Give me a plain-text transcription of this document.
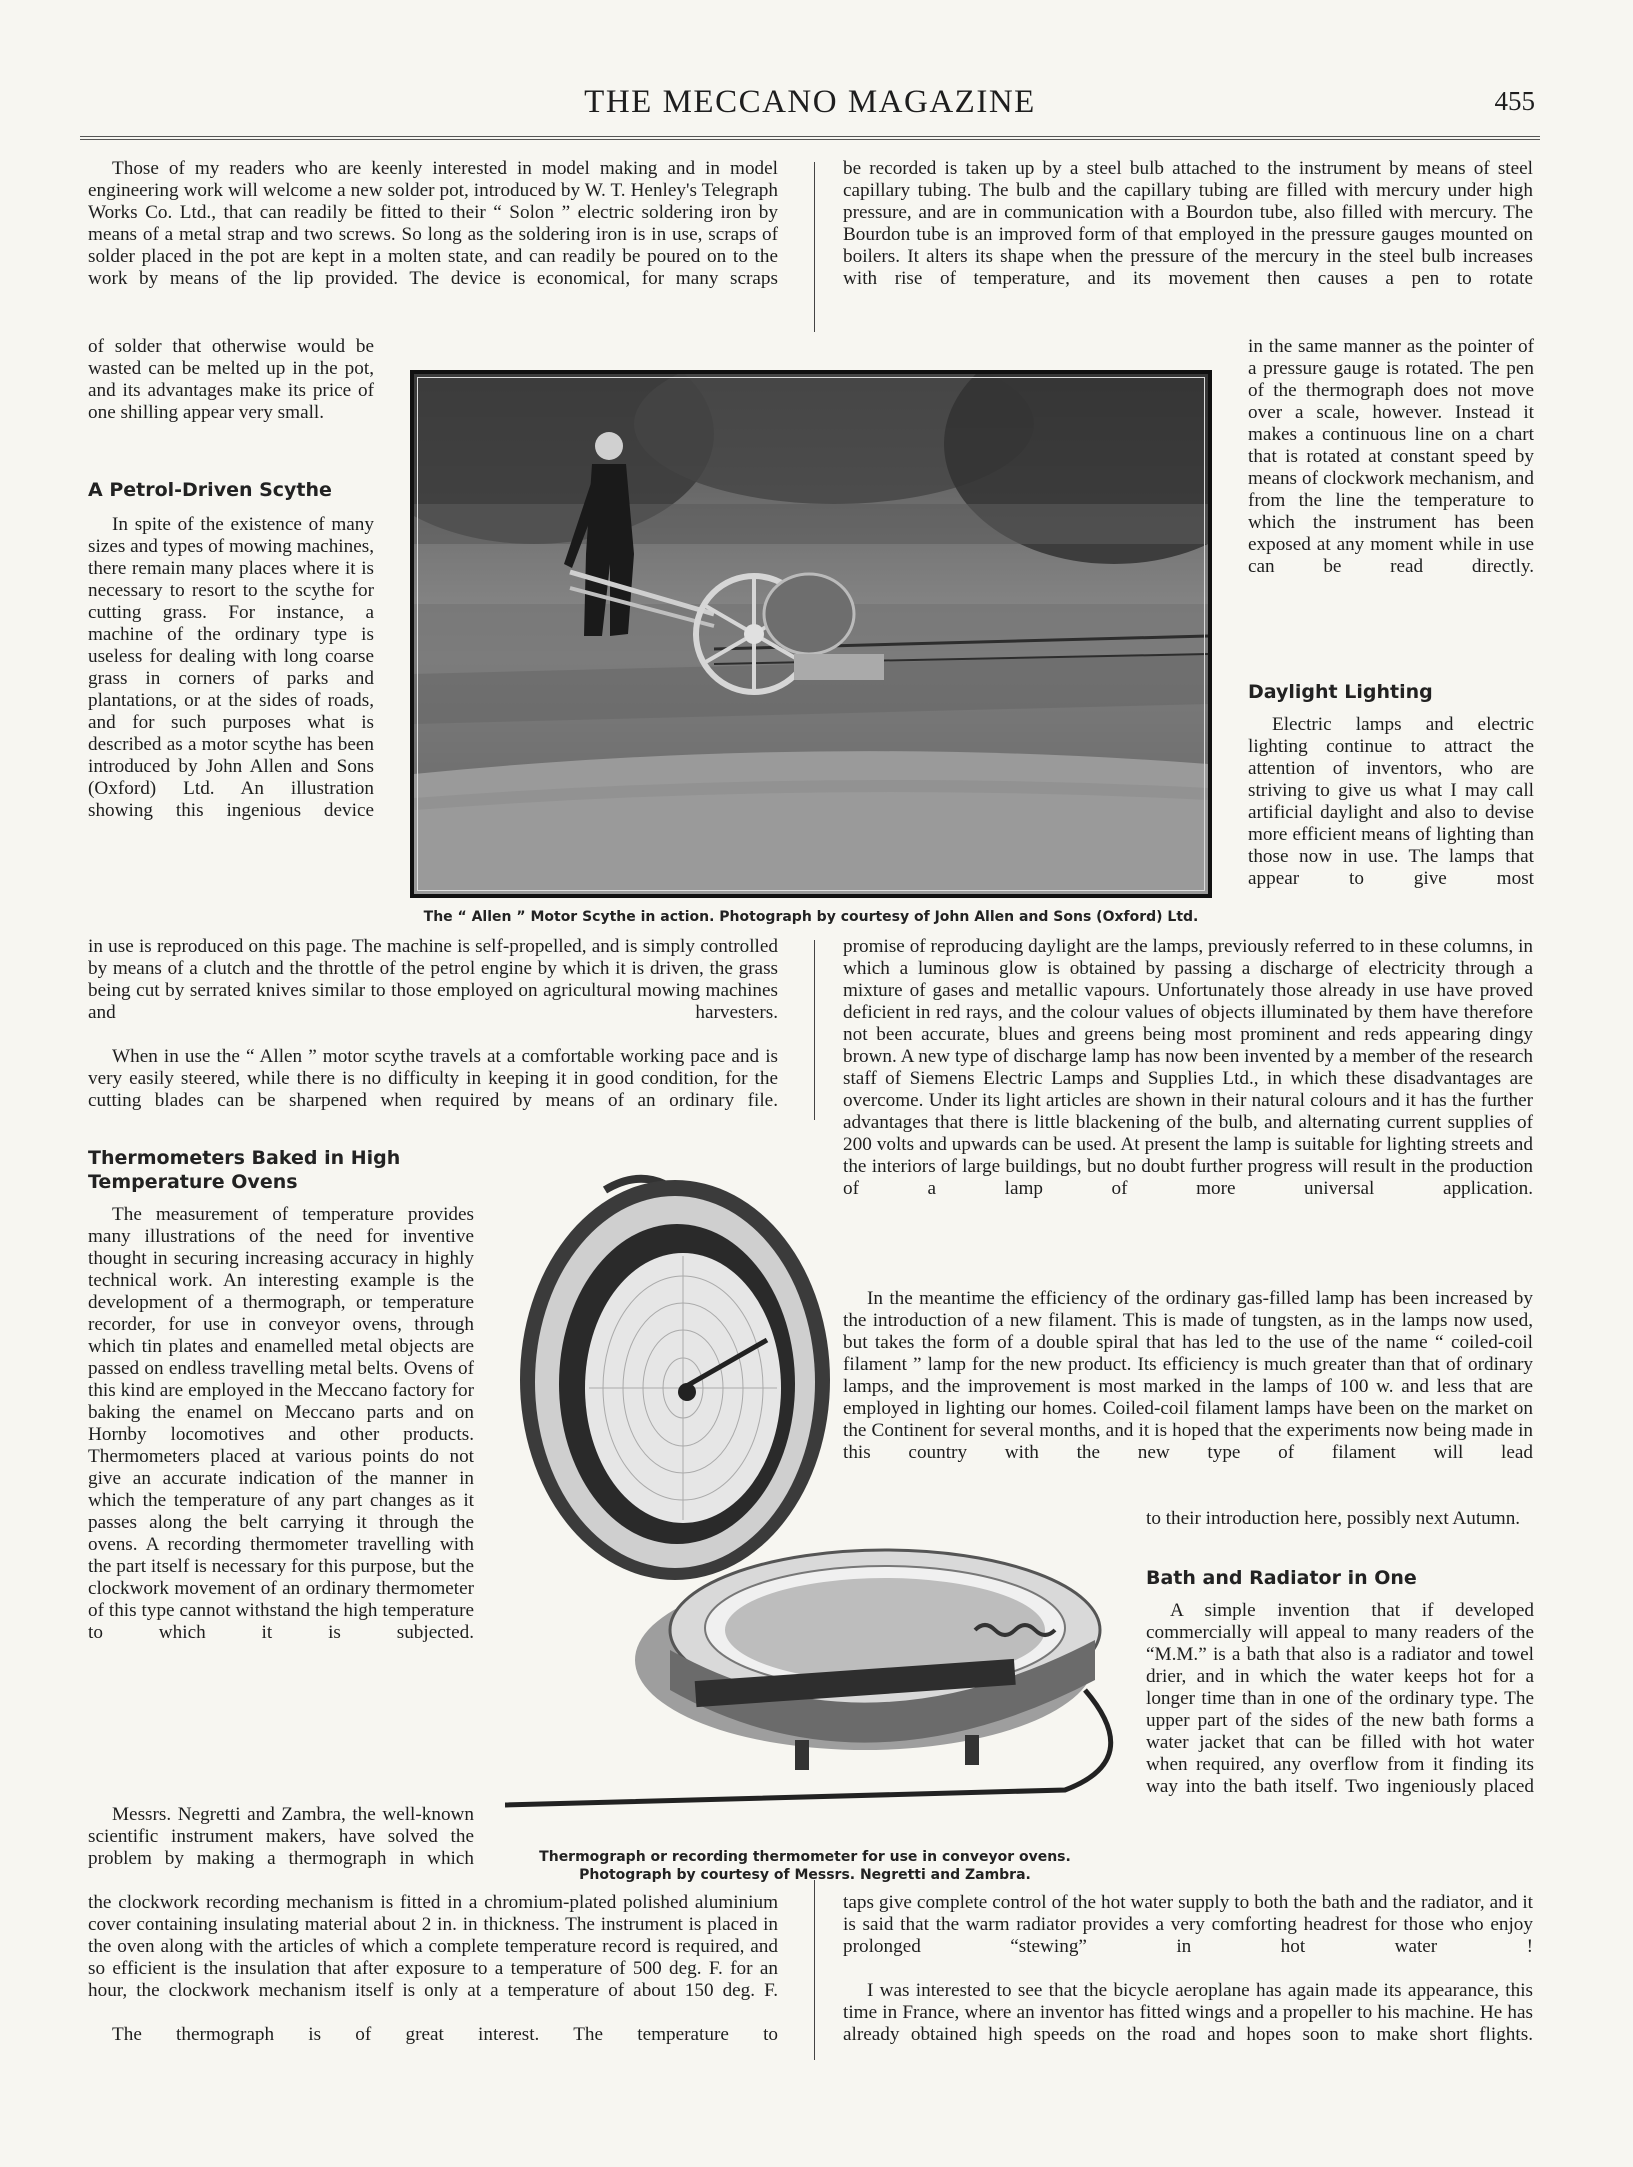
THE MECCANO MAGAZINE	455

Those of my readers who are keenly interested in model making and in model engineering work will welcome a new solder pot, introduced by W. T. Henley's Telegraph Works Co. Ltd., that can readily be fitted to their “ Solon ” electric soldering iron by means of a metal strap and two screws. So long as the soldering iron is in use, scraps of solder placed in the pot are kept in a molten state, and can readily be poured on to the work by means of the lip provided. The device is economical, for many scraps

of solder that otherwise would be wasted can be melted up in the pot, and its advantages make its price of one shilling appear very small.

A Petrol-Driven Scythe

In spite of the existence of many sizes and types of mowing machines, there remain many places where it is necessary to resort to the scythe for cutting grass. For instance, a machine of the ordinary type is useless for dealing with long coarse grass in corners of parks and plantations, or at the sides of roads, and for such purposes what is described as a motor scythe has been introduced by John Allen and Sons (Oxford) Ltd. An illustration showing this ingenious device

in use is reproduced on this page. The machine is self-propelled, and is simply controlled by means of a clutch and the throttle of the petrol engine by which it is driven, the grass being cut by serrated knives similar to those employed on agricultural mowing machines and harvesters.

When in use the “ Allen ” motor scythe travels at a comfortable working pace and is very easily steered, while there is no difficulty in keeping it in good condition, for the cutting blades can be sharpened when required by means of an ordinary file.

Thermometers Baked in High Temperature Ovens

The measurement of temperature provides many illustrations of the need for inventive thought in securing increasing accuracy in highly technical work. An interesting example is the development of a thermograph, or temperature recorder, for use in conveyor ovens, through which tin plates and enamelled metal objects are passed on endless travelling metal belts. Ovens of this kind are employed in the Meccano factory for baking the enamel on Meccano parts and on Hornby locomotives and other products. Thermometers placed at various points do not give an accurate indication of the manner in which the temperature of any part changes as it passes along the belt carrying it through the ovens. A recording thermometer travelling with the part itself is necessary for this purpose, but the clockwork movement of an ordinary thermometer of this type cannot withstand the high temperature to which it is subjected.

Messrs. Negretti and Zambra, the well-known scientific instrument makers, have solved the problem by making a thermograph in which

the clockwork recording mechanism is fitted in a chromium-plated polished aluminium cover containing insulating material about 2 in. in thickness. The instrument is placed in the oven along with the articles of which a complete temperature record is required, and so efficient is the insulation that after exposure to a temperature of 500 deg. F. for an hour, the clockwork mechanism itself is only at a temperature of about 150 deg. F.

The thermograph is of great interest. The temperature to

be recorded is taken up by a steel bulb attached to the instrument by means of steel capillary tubing. The bulb and the capillary tubing are filled with mercury under high pressure, and are in communication with a Bourdon tube, also filled with mercury. The Bourdon tube is an improved form of that employed in the pressure gauges mounted on boilers. It alters its shape when the pressure of the mercury in the steel bulb increases with rise of temperature, and its movement then causes a pen to rotate

in the same manner as the pointer of a pressure gauge is rotated. The pen of the thermograph does not move over a scale, however. Instead it makes a continuous line on a chart that is rotated at constant speed by means of clockwork mechanism, and from the line the temperature to which the instrument has been exposed at any moment while in use can be read directly.

Daylight Lighting

Electric lamps and electric lighting continue to attract the attention of inventors, who are striving to give us what I may call artificial daylight and also to devise more efficient means of lighting than those now in use. The lamps that appear to give most

promise of reproducing daylight are the lamps, previously referred to in these columns, in which a luminous glow is obtained by passing a discharge of electricity through a mixture of gases and metallic vapours. Unfortunately those already in use have proved deficient in red rays, and the colour values of objects illuminated by them have therefore not been accurate, blues and greens being most prominent and reds appearing dingy brown. A new type of discharge lamp has now been invented by a member of the research staff of Siemens Electric Lamps and Supplies Ltd., in which these disadvantages are overcome. Under its light articles are shown in their natural colours and it has the further advantages that there is little blackening of the bulb, and alternating current supplies of 200 volts and upwards can be used. At present the lamp is suitable for lighting streets and the interiors of large buildings, but no doubt further progress will result in the production of a lamp of more universal application.

In the meantime the efficiency of the ordinary gas-filled lamp has been increased by the introduction of a new filament. This is made of tungsten, as in the lamps now used, but takes the form of a double spiral that has led to the use of the name “ coiled-coil filament ” lamp for the new product. Its efficiency is much greater than that of ordinary lamps, and the improvement is most marked in the lamps of 100 w. and less that are employed in lighting our homes. Coiled-coil filament lamps have been on the market on the Continent for several months, and it is hoped that the experiments now being made in this country with the new type of filament will lead

to their introduction here, possibly next Autumn.

Bath and Radiator in One

A simple invention that if developed commercially will appeal to many readers of the “M.M.” is a bath that also is a radiator and towel drier, and in which the water keeps hot for a longer time than in one of the ordinary type. The upper part of the sides of the new bath forms a water jacket that can be filled with hot water when required, any overflow from it finding its way into the bath itself. Two ingeniously placed

taps give complete control of the hot water supply to both the bath and the radiator, and it is said that the warm radiator provides a very comforting headrest for those who enjoy prolonged “stewing” in hot water !

I was interested to see that the bicycle aeroplane has again made its appearance, this time in France, where an inventor has fitted wings and a propeller to his machine. He has already obtained high speeds on the road and hopes soon to make short flights.

The “ Allen ” Motor Scythe in action. Photograph by courtesy of John Allen and Sons (Oxford) Ltd.

Thermograph or recording thermometer for use in conveyor ovens.

Photograph by courtesy of Messrs. Negretti and Zambra.
